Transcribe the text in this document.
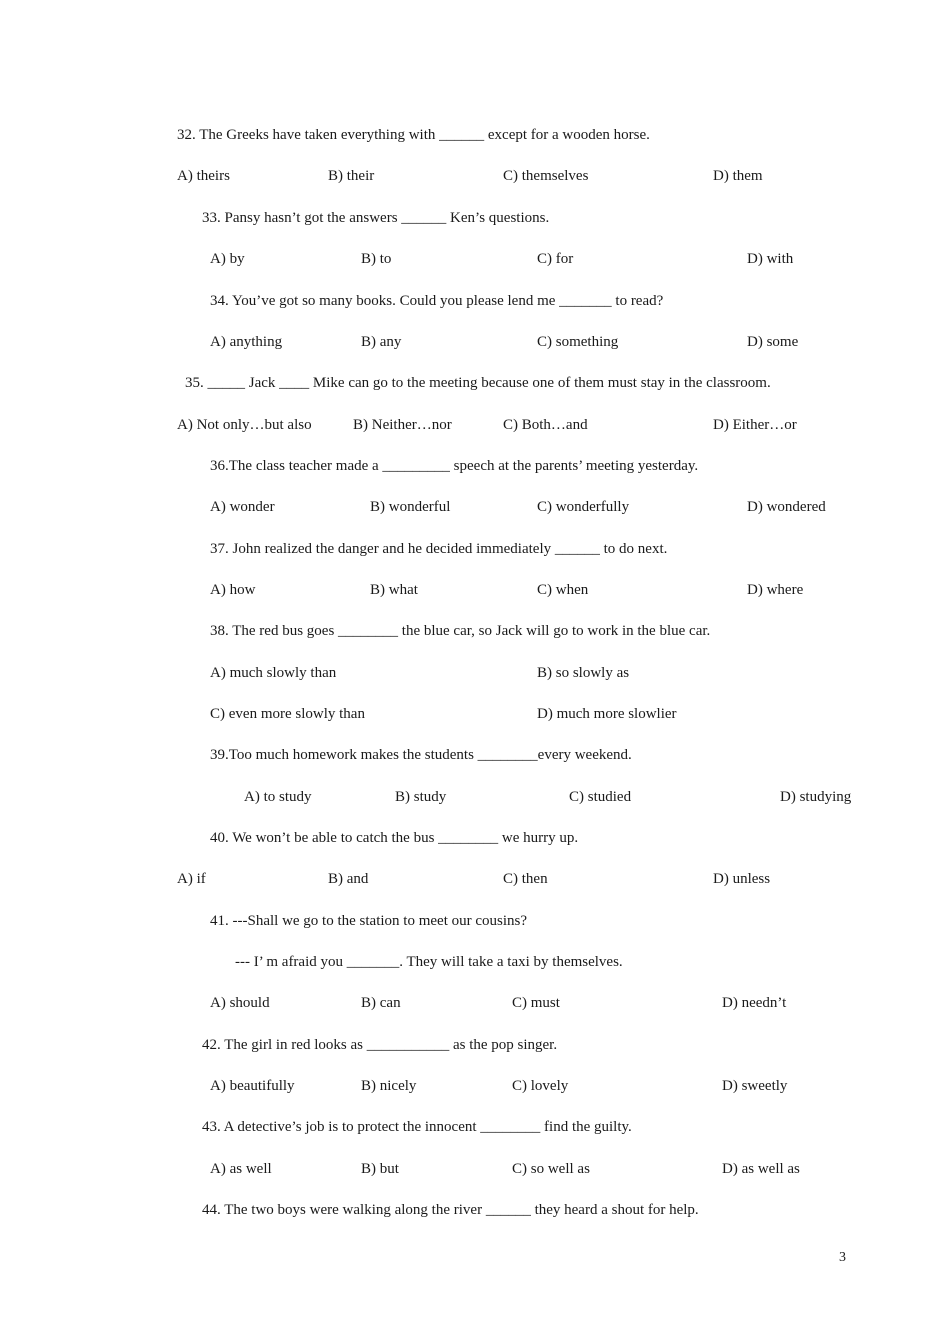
32. The Greeks have taken everything with ______ except for a wooden horse.
A) theirs	B) their	C) themselves	D) them
33. Pansy hasn’t got the answers ______ Ken’s questions.
A) by	B) to	C) for	D) with
34. You’ve got so many books. Could you please lend me _______ to read?
A) anything	B) any	C) something	D) some
35. _____ Jack ____ Mike can go to the meeting because one of them must stay in the classroom.
A) Not only…but also	B) Neither…nor	C) Both…and	D) Either…or
36.The class teacher made a _________ speech at the parents’ meeting yesterday.
A) wonder	B) wonderful	C) wonderfully	D) wondered
37. John realized the danger and he decided immediately ______ to do next.
A) how	B) what	C) when	D) where
38. The red bus goes ________ the blue car, so Jack will go to work in the blue car.
A) much slowly than	B) so slowly as
C) even more slowly than	D) much more slowlier
39.Too much homework makes the students ________every weekend.
A) to study	B) study	C) studied	D) studying
40. We won’t be able to catch the bus ________ we hurry up.
A) if	B) and	C) then	D) unless
41. ---Shall we go to the station to meet our cousins?
--- I’ m afraid you _______. They will take a taxi by themselves.
A) should	B) can	C) must	D) needn’t
42. The girl in red looks as ___________ as the pop singer.
A) beautifully	B) nicely	C) lovely	D) sweetly
43. A detective’s job is to protect the innocent ________ find the guilty.
A) as well	B) but	C) so well as	D) as well as
44. The two boys were walking along the river ______ they heard a shout for help.
3
